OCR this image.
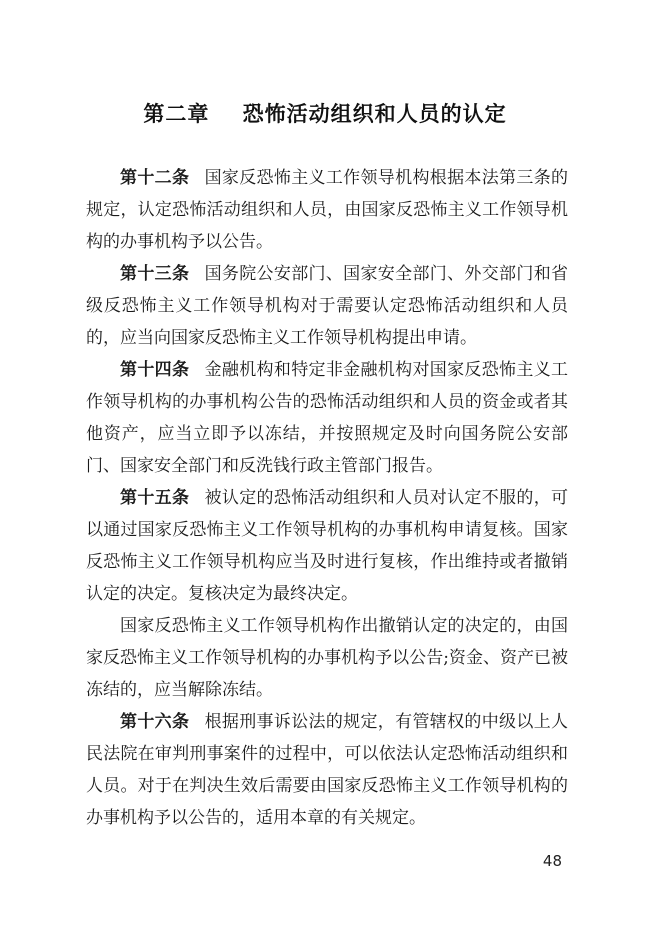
第二章    恐怖活动组织和人员的认定

第十二条 国家反恐怖主义工作领导机构根据本法第三条的规定，认定恐怖活动组织和人员，由国家反恐怖主义工作领导机构的办事机构予以公告。

第十三条 国务院公安部门、国家安全部门、外交部门和省级反恐怖主义工作领导机构对于需要认定恐怖活动组织和人员的，应当向国家反恐怖主义工作领导机构提出申请。

第十四条 金融机构和特定非金融机构对国家反恐怖主义工作领导机构的办事机构公告的恐怖活动组织和人员的资金或者其他资产，应当立即予以冻结，并按照规定及时向国务院公安部门、国家安全部门和反洗钱行政主管部门报告。

第十五条 被认定的恐怖活动组织和人员对认定不服的，可以通过国家反恐怖主义工作领导机构的办事机构申请复核。国家反恐怖主义工作领导机构应当及时进行复核，作出维持或者撤销认定的决定。复核决定为最终决定。

国家反恐怖主义工作领导机构作出撤销认定的决定的，由国家反恐怖主义工作领导机构的办事机构予以公告;资金、资产已被冻结的，应当解除冻结。

第十六条 根据刑事诉讼法的规定，有管辖权的中级以上人民法院在审判刑事案件的过程中，可以依法认定恐怖活动组织和人员。对于在判决生效后需要由国家反恐怖主义工作领导机构的办事机构予以公告的，适用本章的有关规定。

48
